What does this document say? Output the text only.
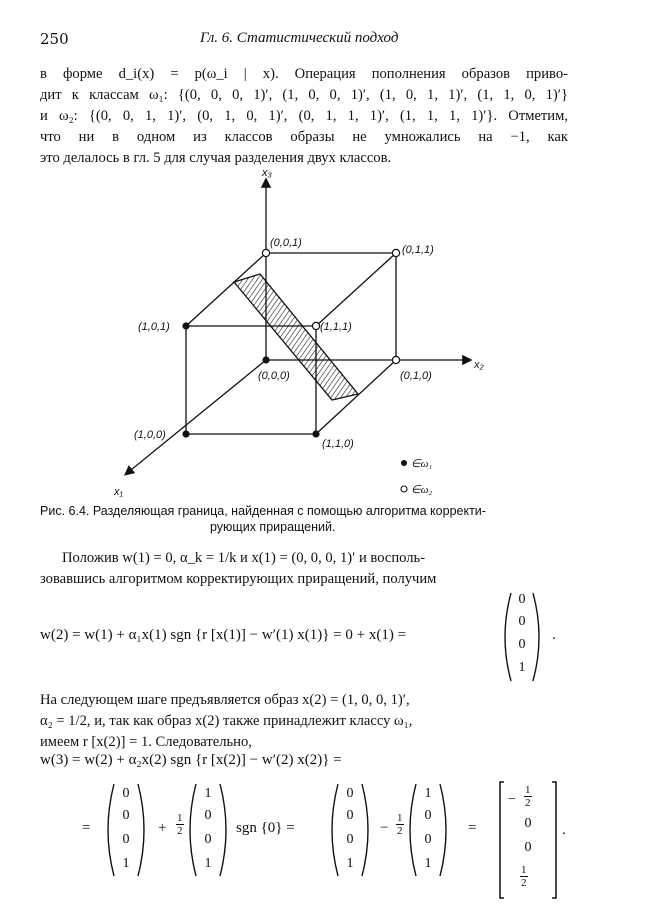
250	Гл. 6. Статистический подход
в форме d_i(x) = p(ω_i | x). Операция пополнения образов приво-
дит к классам ω₁: {(0, 0, 0, 1)′, (1, 0, 0, 1)′, (1, 0, 1, 1)′, (1, 1, 0, 1)′}
и ω₂: {(0, 0, 1, 1)′, (0, 1, 0, 1)′, (0, 1, 1, 1)′, (1, 1, 1, 1)′}. Отметим,
что ни в одном из классов образы не умножались на −1, как
это делалось в гл. 5 для случая разделения двух классов.
x₃
x₂
x₁
(0,0,1)
(0,1,1)
(1,0,1)	(1,1,1)
(0,0,0)	(0,1,0)
(1,0,0)
(1,1,0)
∈ω₁
∈ω₂
Рис. 6.4. Разделяющая граница, найденная с помощью алгоритма корректи-
рующих приращений.
Положив w(1) = 0, α_k = 1/k и x(1) = (0, 0, 0, 1)′ и восполь-
зовавшись алгоритмом корректирующих приращений, получим
w(2) = w(1) + α₁x(1) sgn {r [x(1)] − w′(1) x(1)} = 0 + x(1) =
0
0
0
1
.
На следующем шаге предъявляется образ x(2) = (1, 0, 0, 1)′,
α₂ = 1/2, и, так как образ x(2) также принадлежит классу ω₁,
имеем r [x(2)] = 1. Следовательно,
w(3) = w(2) + α₂x(2) sgn {r [x(2)] − w′(2) x(2)} =
=
0
0
0
1
+ $\frac{1}{2}$
1
0
0
1
sgn {0} =
0
0
0
1
− $\frac{1}{2}$
1
0
0
1
=
− $\frac{1}{2}$
0
0
$\frac{1}{2}$
.
